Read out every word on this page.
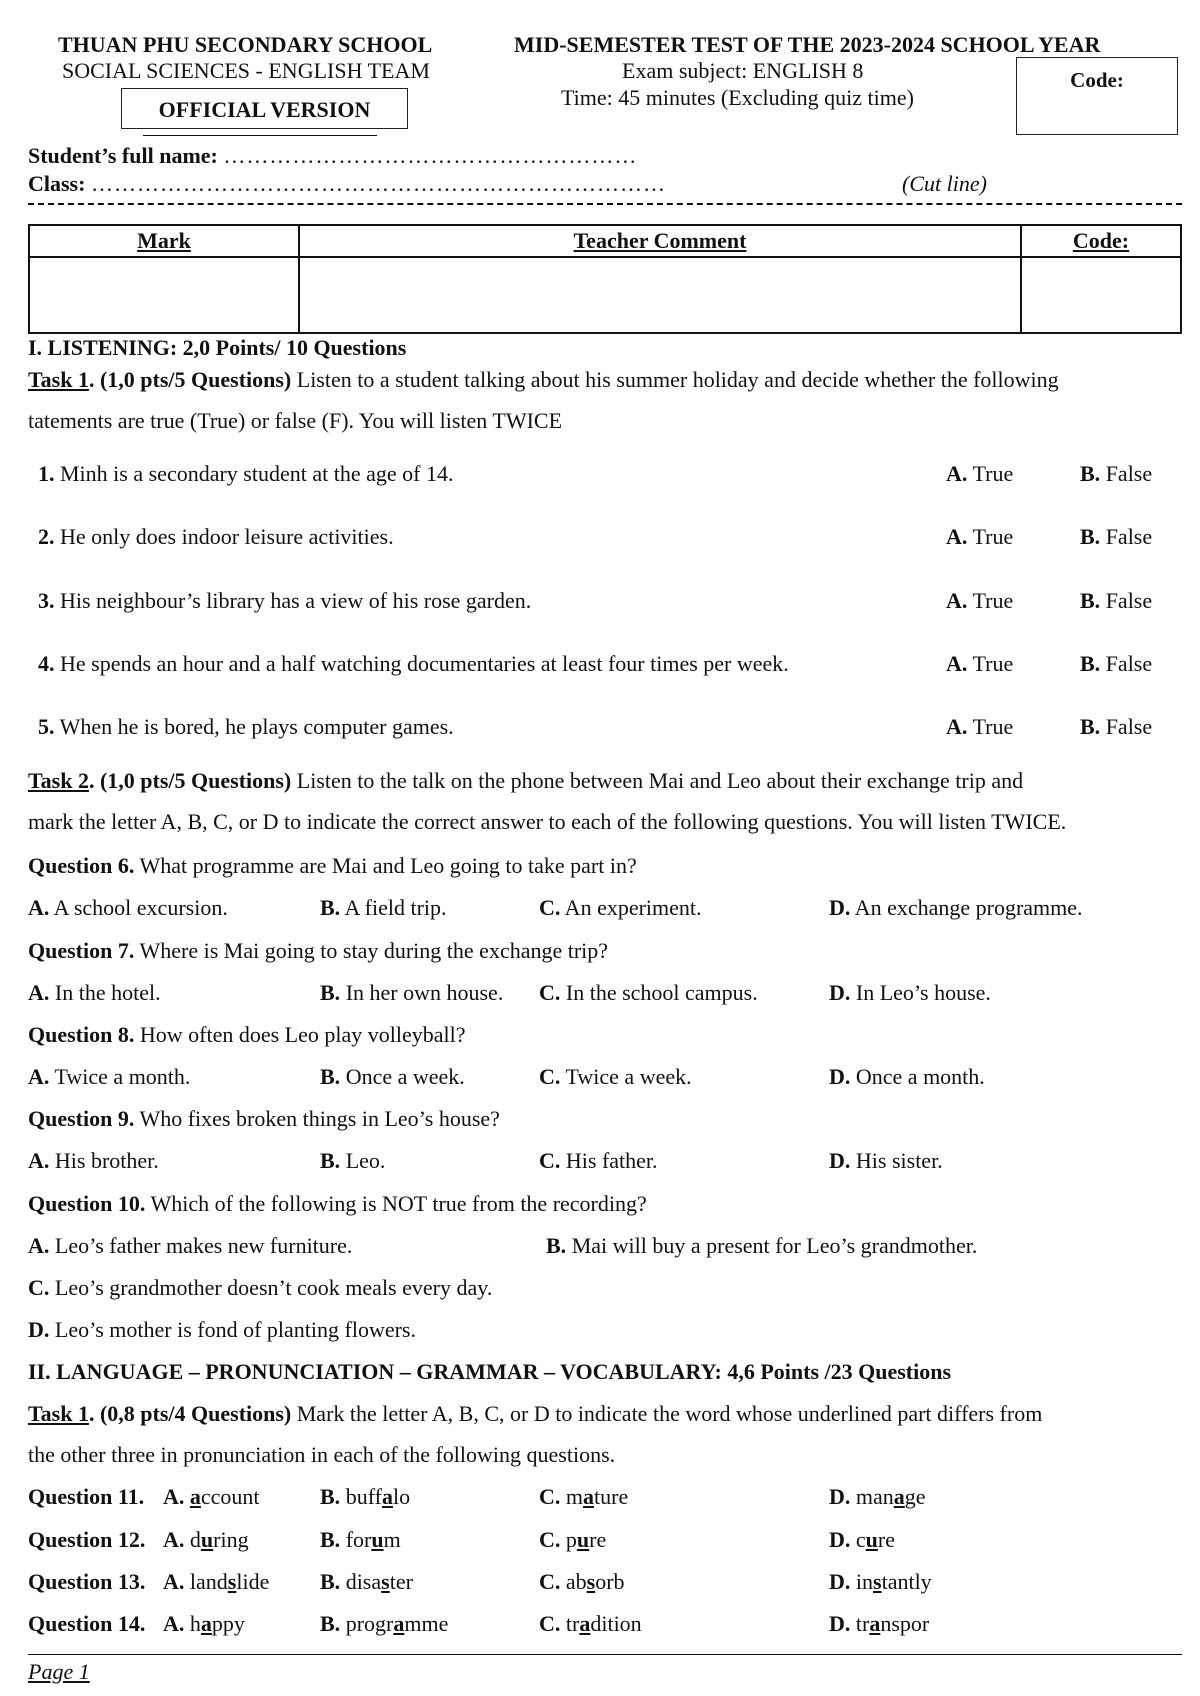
THUAN PHU SECONDARY SCHOOL
SOCIAL SCIENCES - ENGLISH TEAM
OFFICIAL VERSION
MID-SEMESTER TEST OF THE 2023-2024 SCHOOL YEAR
Exam subject: ENGLISH 8
Time: 45 minutes (Excluding quiz time)
Code:
Student’s full name: ………………………………………………
Class: …………………………………………………………………	(Cut line)
Mark	Teacher Comment	Code:

I. LISTENING: 2,0 Points/ 10 Questions
Task 1. (1,0 pts/5 Questions) Listen to a student talking about his summer holiday and decide whether the following
tatements are true (True) or false (F). You will listen TWICE
1. Minh is a secondary student at the age of 14.	A. True	B. False
2. He only does indoor leisure activities.	A. True	B. False
3. His neighbour’s library has a view of his rose garden.	A. True	B. False
4. He spends an hour and a half watching documentaries at least four times per week.	A. True	B. False
5. When he is bored, he plays computer games.	A. True	B. False
Task 2. (1,0 pts/5 Questions) Listen to the talk on the phone between Mai and Leo about their exchange trip and
mark the letter A, B, C, or D to indicate the correct answer to each of the following questions. You will listen TWICE.
Question 6. What programme are Mai and Leo going to take part in?
A. A school excursion.	B. A field trip.	C. An experiment.	D. An exchange programme.
Question 7. Where is Mai going to stay during the exchange trip?
A. In the hotel.	B. In her own house. C. In the school campus.	D. In Leo’s house.
Question 8. How often does Leo play volleyball?
A. Twice a month.	B. Once a week.	C. Twice a week.	D. Once a month.
Question 9. Who fixes broken things in Leo’s house?
A. His brother.	B. Leo.	C. His father.	D. His sister.
Question 10. Which of the following is NOT true from the recording?
A. Leo’s father makes new furniture.	B. Mai will buy a present for Leo’s grandmother.
C. Leo’s grandmother doesn’t cook meals every day.
D. Leo’s mother is fond of planting flowers.
II. LANGUAGE – PRONUNCIATION – GRAMMAR – VOCABULARY: 4,6 Points /23 Questions
Task 1. (0,8 pts/4 Questions) Mark the letter A, B, C, or D to indicate the word whose underlined part differs from
the other three in pronunciation in each of the following questions.
Question 11. A. account	B. buffalo	C. mature	D. manage
Question 12. A. during	B. forum	C. pure	D. cure
Question 13. A. landslide B. disaster	C. absorb	D. instantly
Question 14. A. happy	B. programme	C. tradition	D. transpor
Page 1
